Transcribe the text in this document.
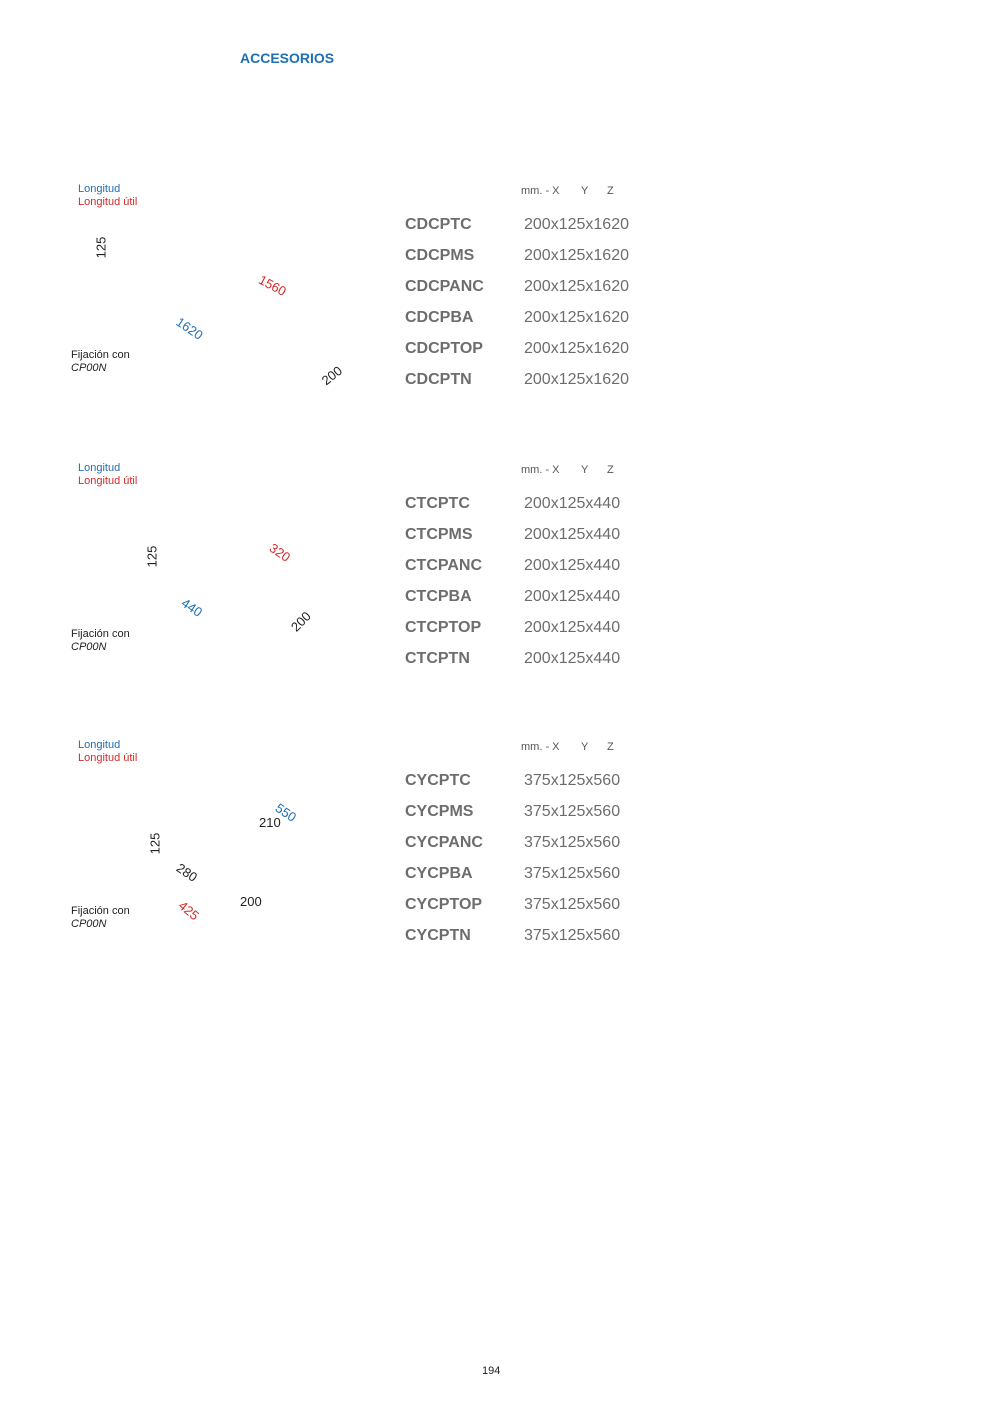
ACCESORIOS
Longitud
Longitud útil
125
1560
1620
200
Fijación con
CP00N
mm. - X Y Z
CDCPTC	200x125x1620
CDCPMS	200x125x1620
CDCPANC	200x125x1620
CDCPBA	200x125x1620
CDCPTOP	200x125x1620
CDCPTN	200x125x1620
Longitud
Longitud útil
125	320
440
200
Fijación con
CP00N
mm. - X Y Z
CTCPTC	200x125x440
CTCPMS	200x125x440
CTCPANC	200x125x440
CTCPBA	200x125x440
CTCPTOP	200x125x440
CTCPTN	200x125x440
Longitud
Longitud útil
550
210
125
280
200
425
Fijación con
CP00N
mm. - X Y Z
CYCPTC	375x125x560
CYCPMS	375x125x560
CYCPANC	375x125x560
CYCPBA	375x125x560
CYCPTOP	375x125x560
CYCPTN	375x125x560
194
